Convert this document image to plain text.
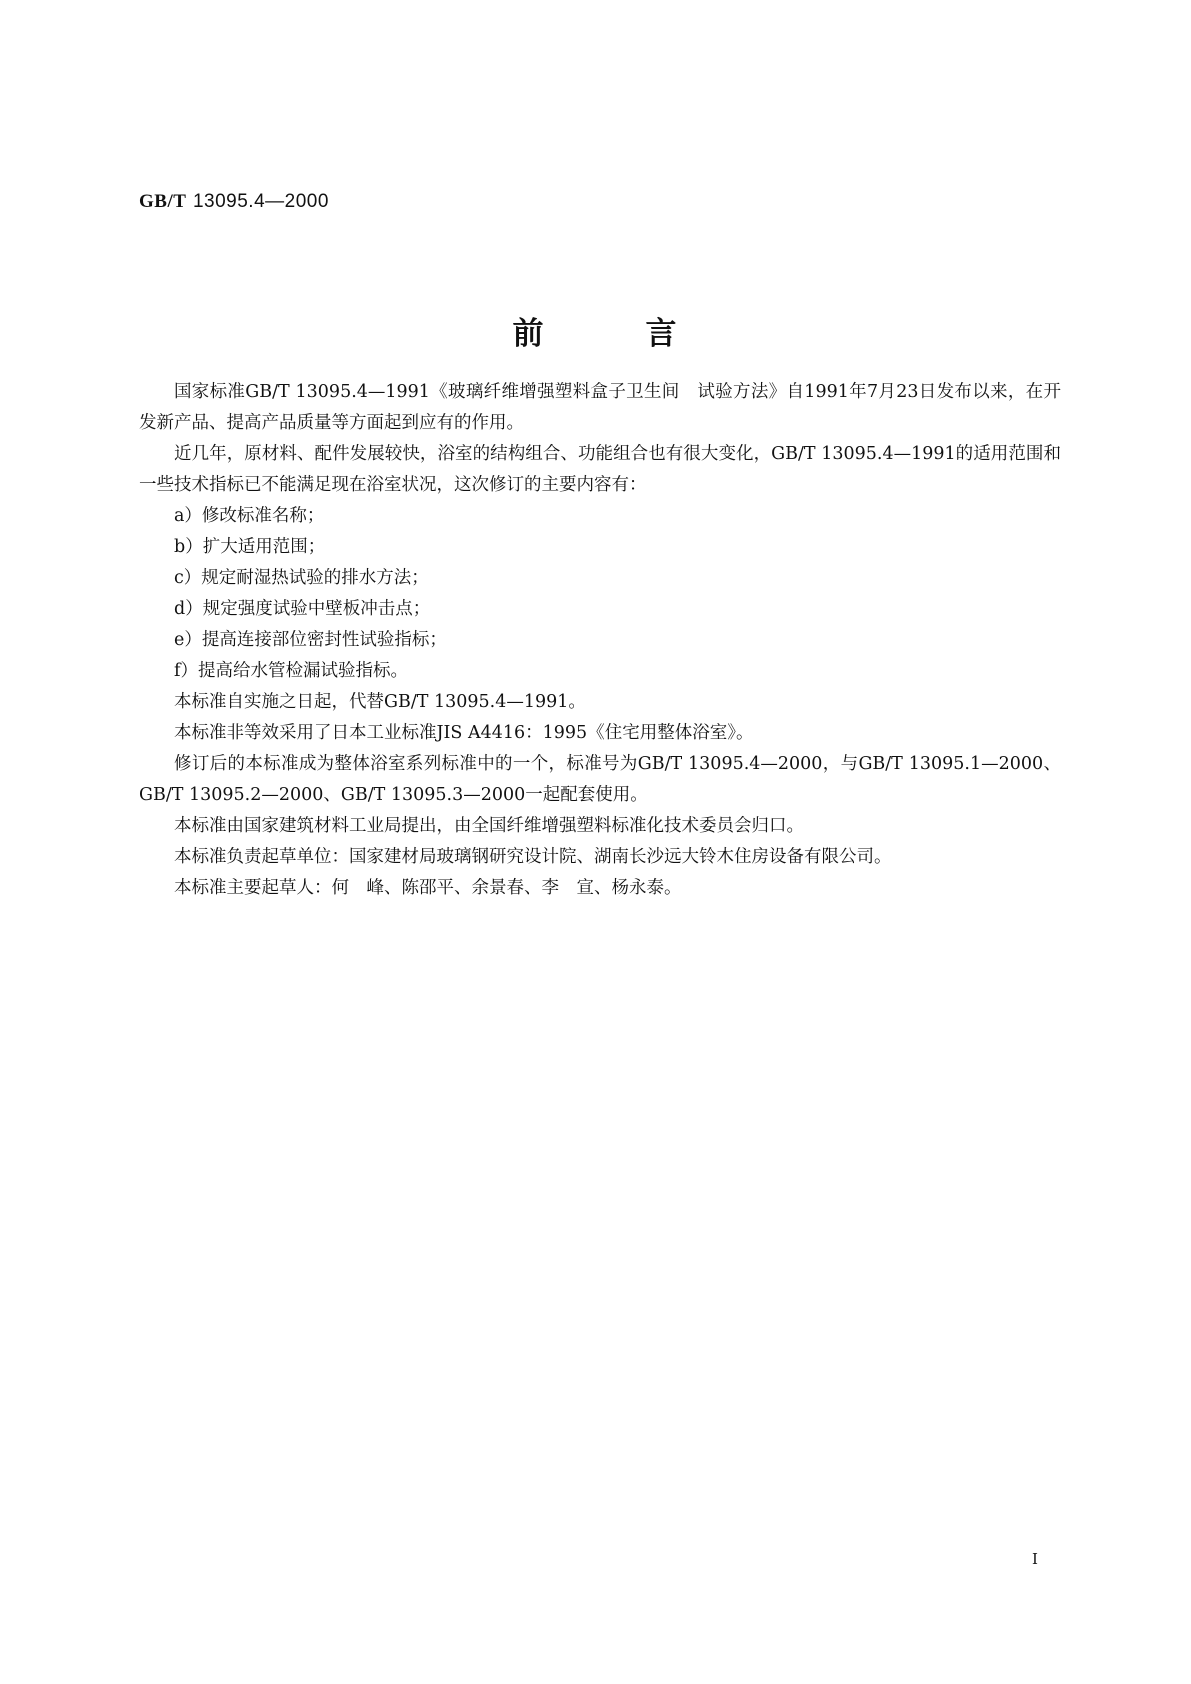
GB/T 13095.4—2000
前	言

国家标准GB/T 13095.4—1991《玻璃纤维增强塑料盒子卫生间　试验方法》自1991年7月23日发布以来，在开发新产品、提高产品质量等方面起到应有的作用。

近几年，原材料、配件发展较快，浴室的结构组合、功能组合也有很大变化，GB/T 13095.4—1991的适用范围和一些技术指标已不能满足现在浴室状况，这次修订的主要内容有：

a）修改标准名称；

b）扩大适用范围；

c）规定耐湿热试验的排水方法；

d）规定强度试验中壁板冲击点；

e）提高连接部位密封性试验指标；

f）提高给水管检漏试验指标。

本标准自实施之日起，代替GB/T 13095.4—1991。

本标准非等效采用了日本工业标准JIS A4416：1995《住宅用整体浴室》。

修订后的本标准成为整体浴室系列标准中的一个，标准号为GB/T 13095.4—2000，与GB/T 13095.1—2000、GB/T 13095.2—2000、GB/T 13095.3—2000一起配套使用。

本标准由国家建筑材料工业局提出，由全国纤维增强塑料标准化技术委员会归口。

本标准负责起草单位：国家建材局玻璃钢研究设计院、湖南长沙远大铃木住房设备有限公司。

本标准主要起草人：何　峰、陈邵平、余景春、李　宣、杨永泰。

I
